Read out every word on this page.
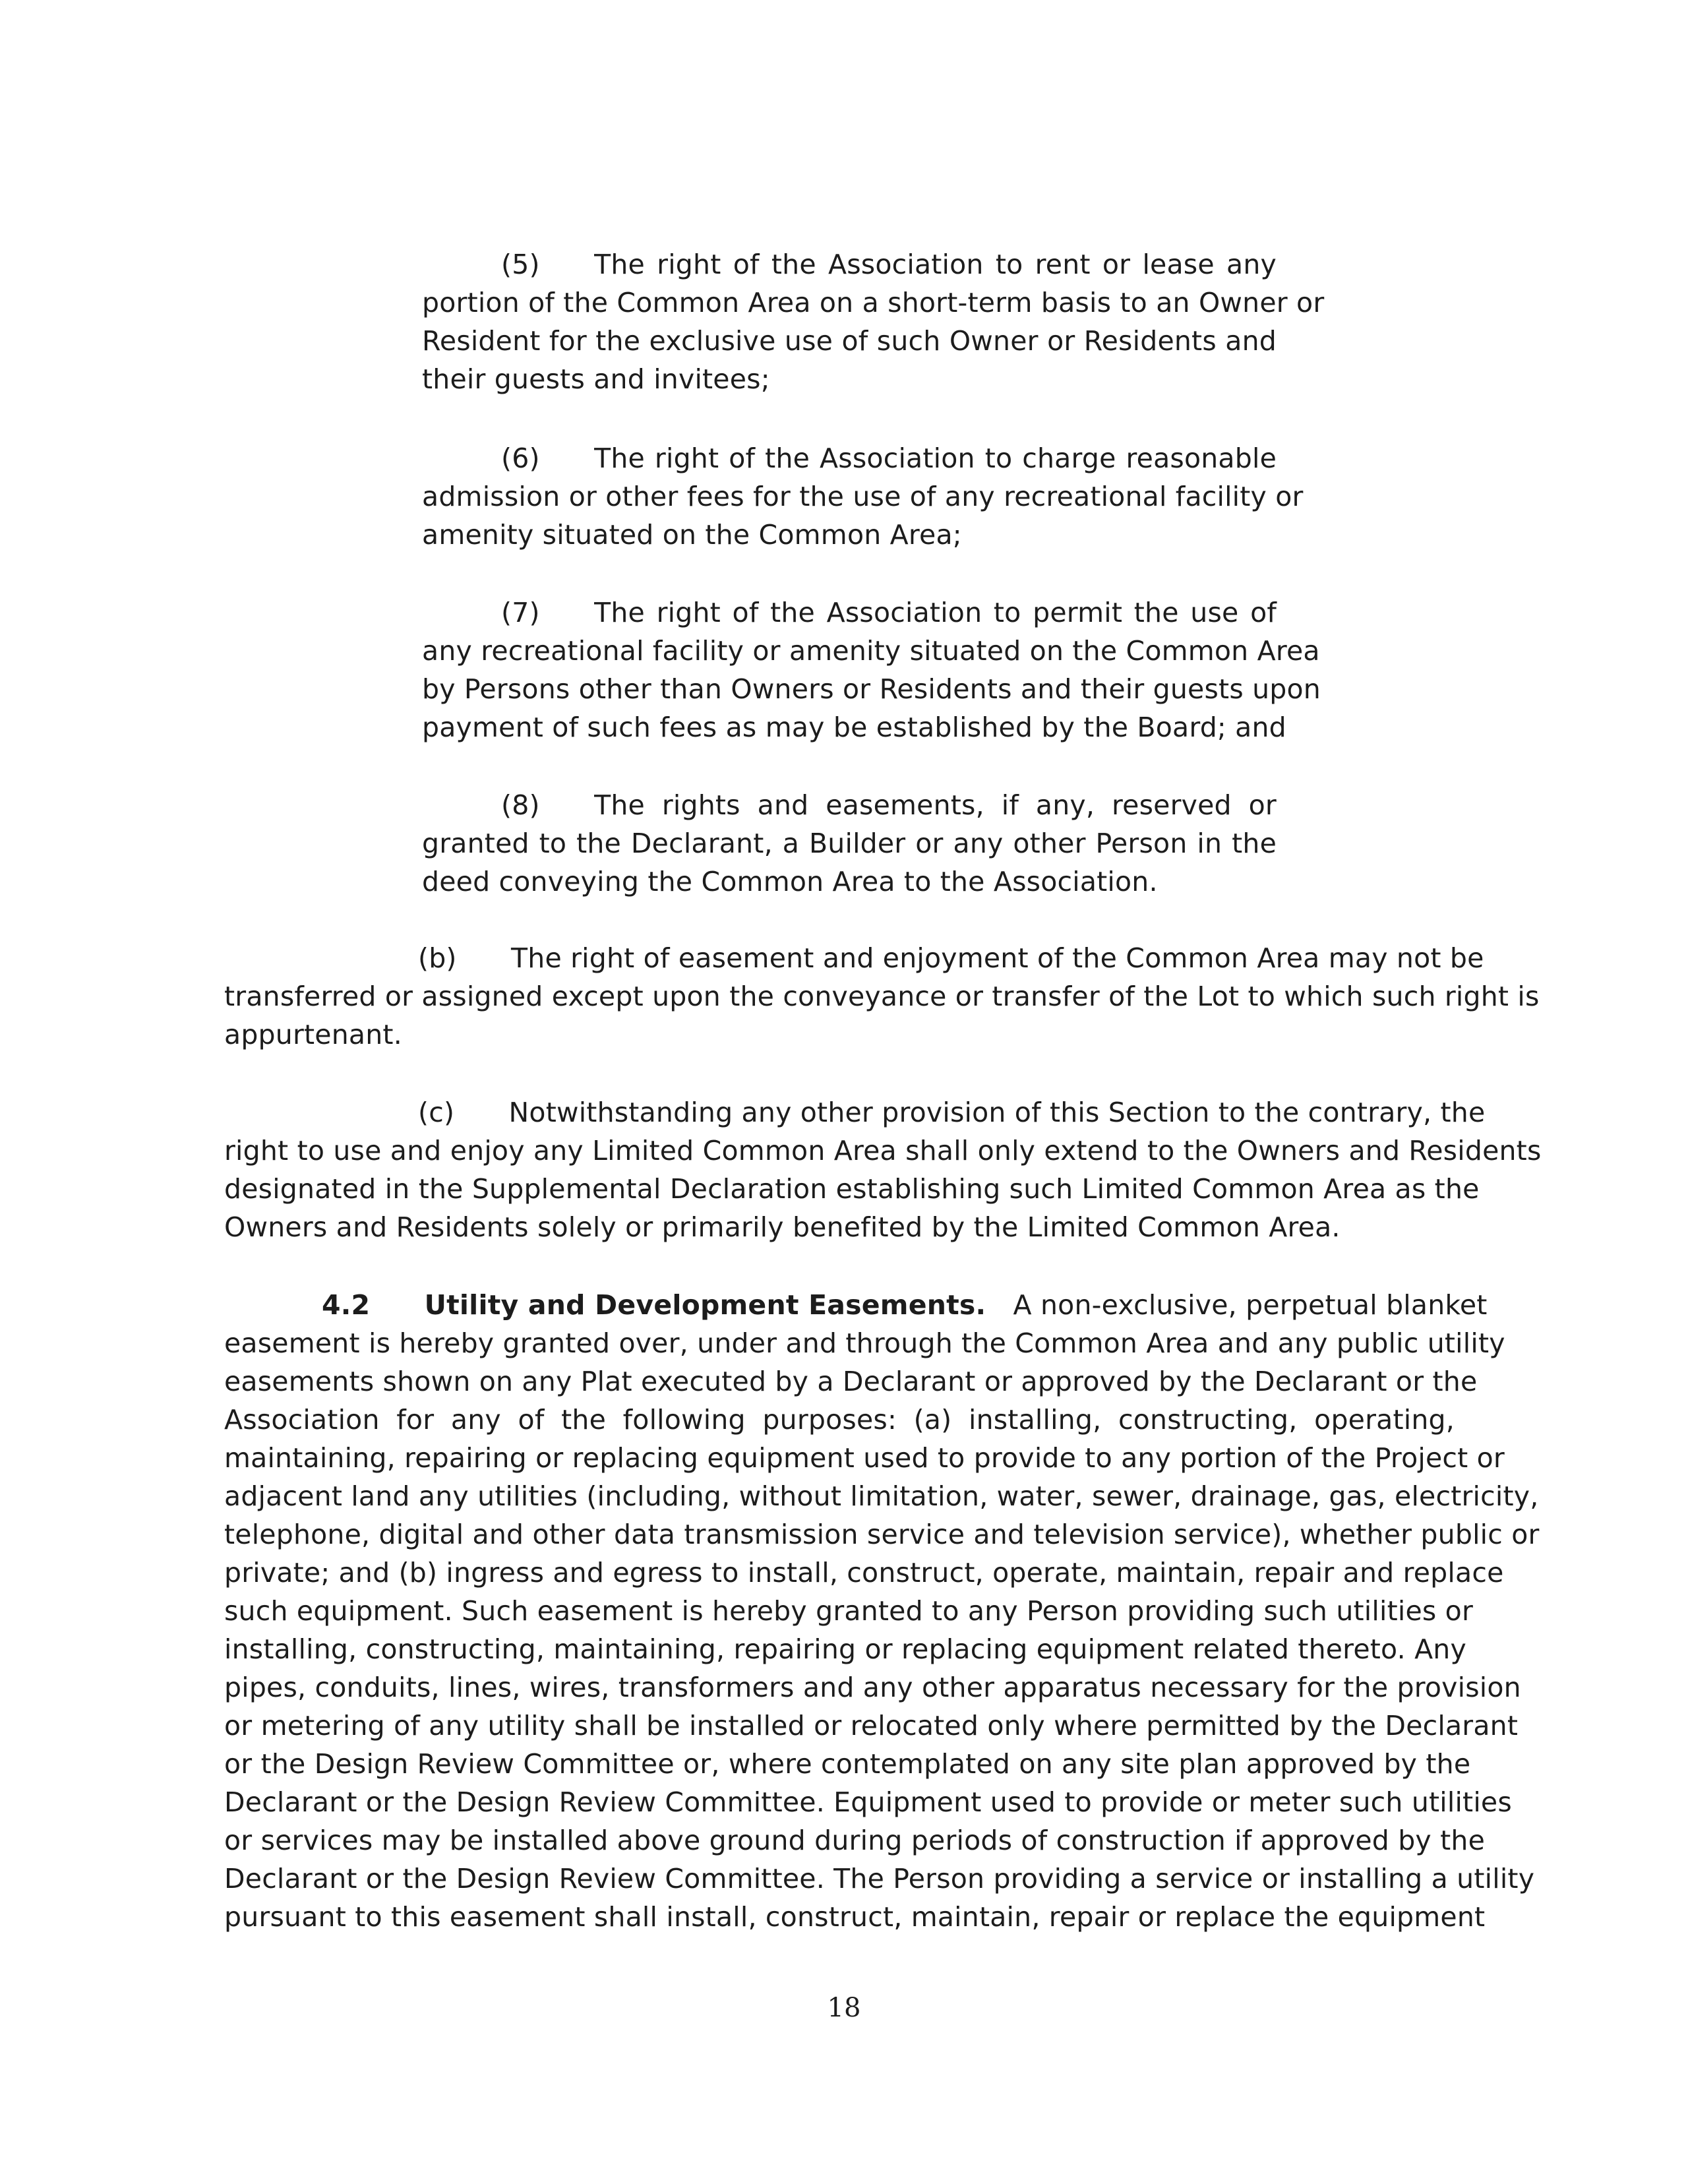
(5)  The right of the Association to rent or lease any
portion of the Common Area on a short-term basis to an Owner or
Resident for the exclusive use of such Owner or Residents and
their guests and invitees;
(6)  The right of the Association to charge reasonable
admission or other fees for the use of any recreational facility or
amenity situated on the Common Area;
(7)  The right of the Association to permit the use of
any recreational facility or amenity situated on the Common Area
by Persons other than Owners or Residents and their guests upon
payment of such fees as may be established by the Board; and
(8)  The rights and easements, if any, reserved or
granted to the Declarant, a Builder or any other Person in the
deed conveying the Common Area to the Association.
(b)  The right of easement and enjoyment of the Common Area may not be
transferred or assigned except upon the conveyance or transfer of the Lot to which such right is
appurtenant.
(c)  Notwithstanding any other provision of this Section to the contrary, the
right to use and enjoy any Limited Common Area shall only extend to the Owners and Residents
designated in the Supplemental Declaration establishing such Limited Common Area as the
Owners and Residents solely or primarily benefited by the Limited Common Area.
4.2   Utility and Development Easements.  A non-exclusive, perpetual blanket
easement is hereby granted over, under and through the Common Area and any public utility
easements shown on any Plat executed by a Declarant or approved by the Declarant or the
Association for any of the following purposes: (a) installing, constructing, operating,
maintaining, repairing or replacing equipment used to provide to any portion of the Project or
adjacent land any utilities (including, without limitation, water, sewer, drainage, gas, electricity,
telephone, digital and other data transmission service and television service), whether public or
private; and (b) ingress and egress to install, construct, operate, maintain, repair and replace
such equipment. Such easement is hereby granted to any Person providing such utilities or
installing, constructing, maintaining, repairing or replacing equipment related thereto. Any
pipes, conduits, lines, wires, transformers and any other apparatus necessary for the provision
or metering of any utility shall be installed or relocated only where permitted by the Declarant
or the Design Review Committee or, where contemplated on any site plan approved by the
Declarant or the Design Review Committee. Equipment used to provide or meter such utilities
or services may be installed above ground during periods of construction if approved by the
Declarant or the Design Review Committee. The Person providing a service or installing a utility
pursuant to this easement shall install, construct, maintain, repair or replace the equipment
18
